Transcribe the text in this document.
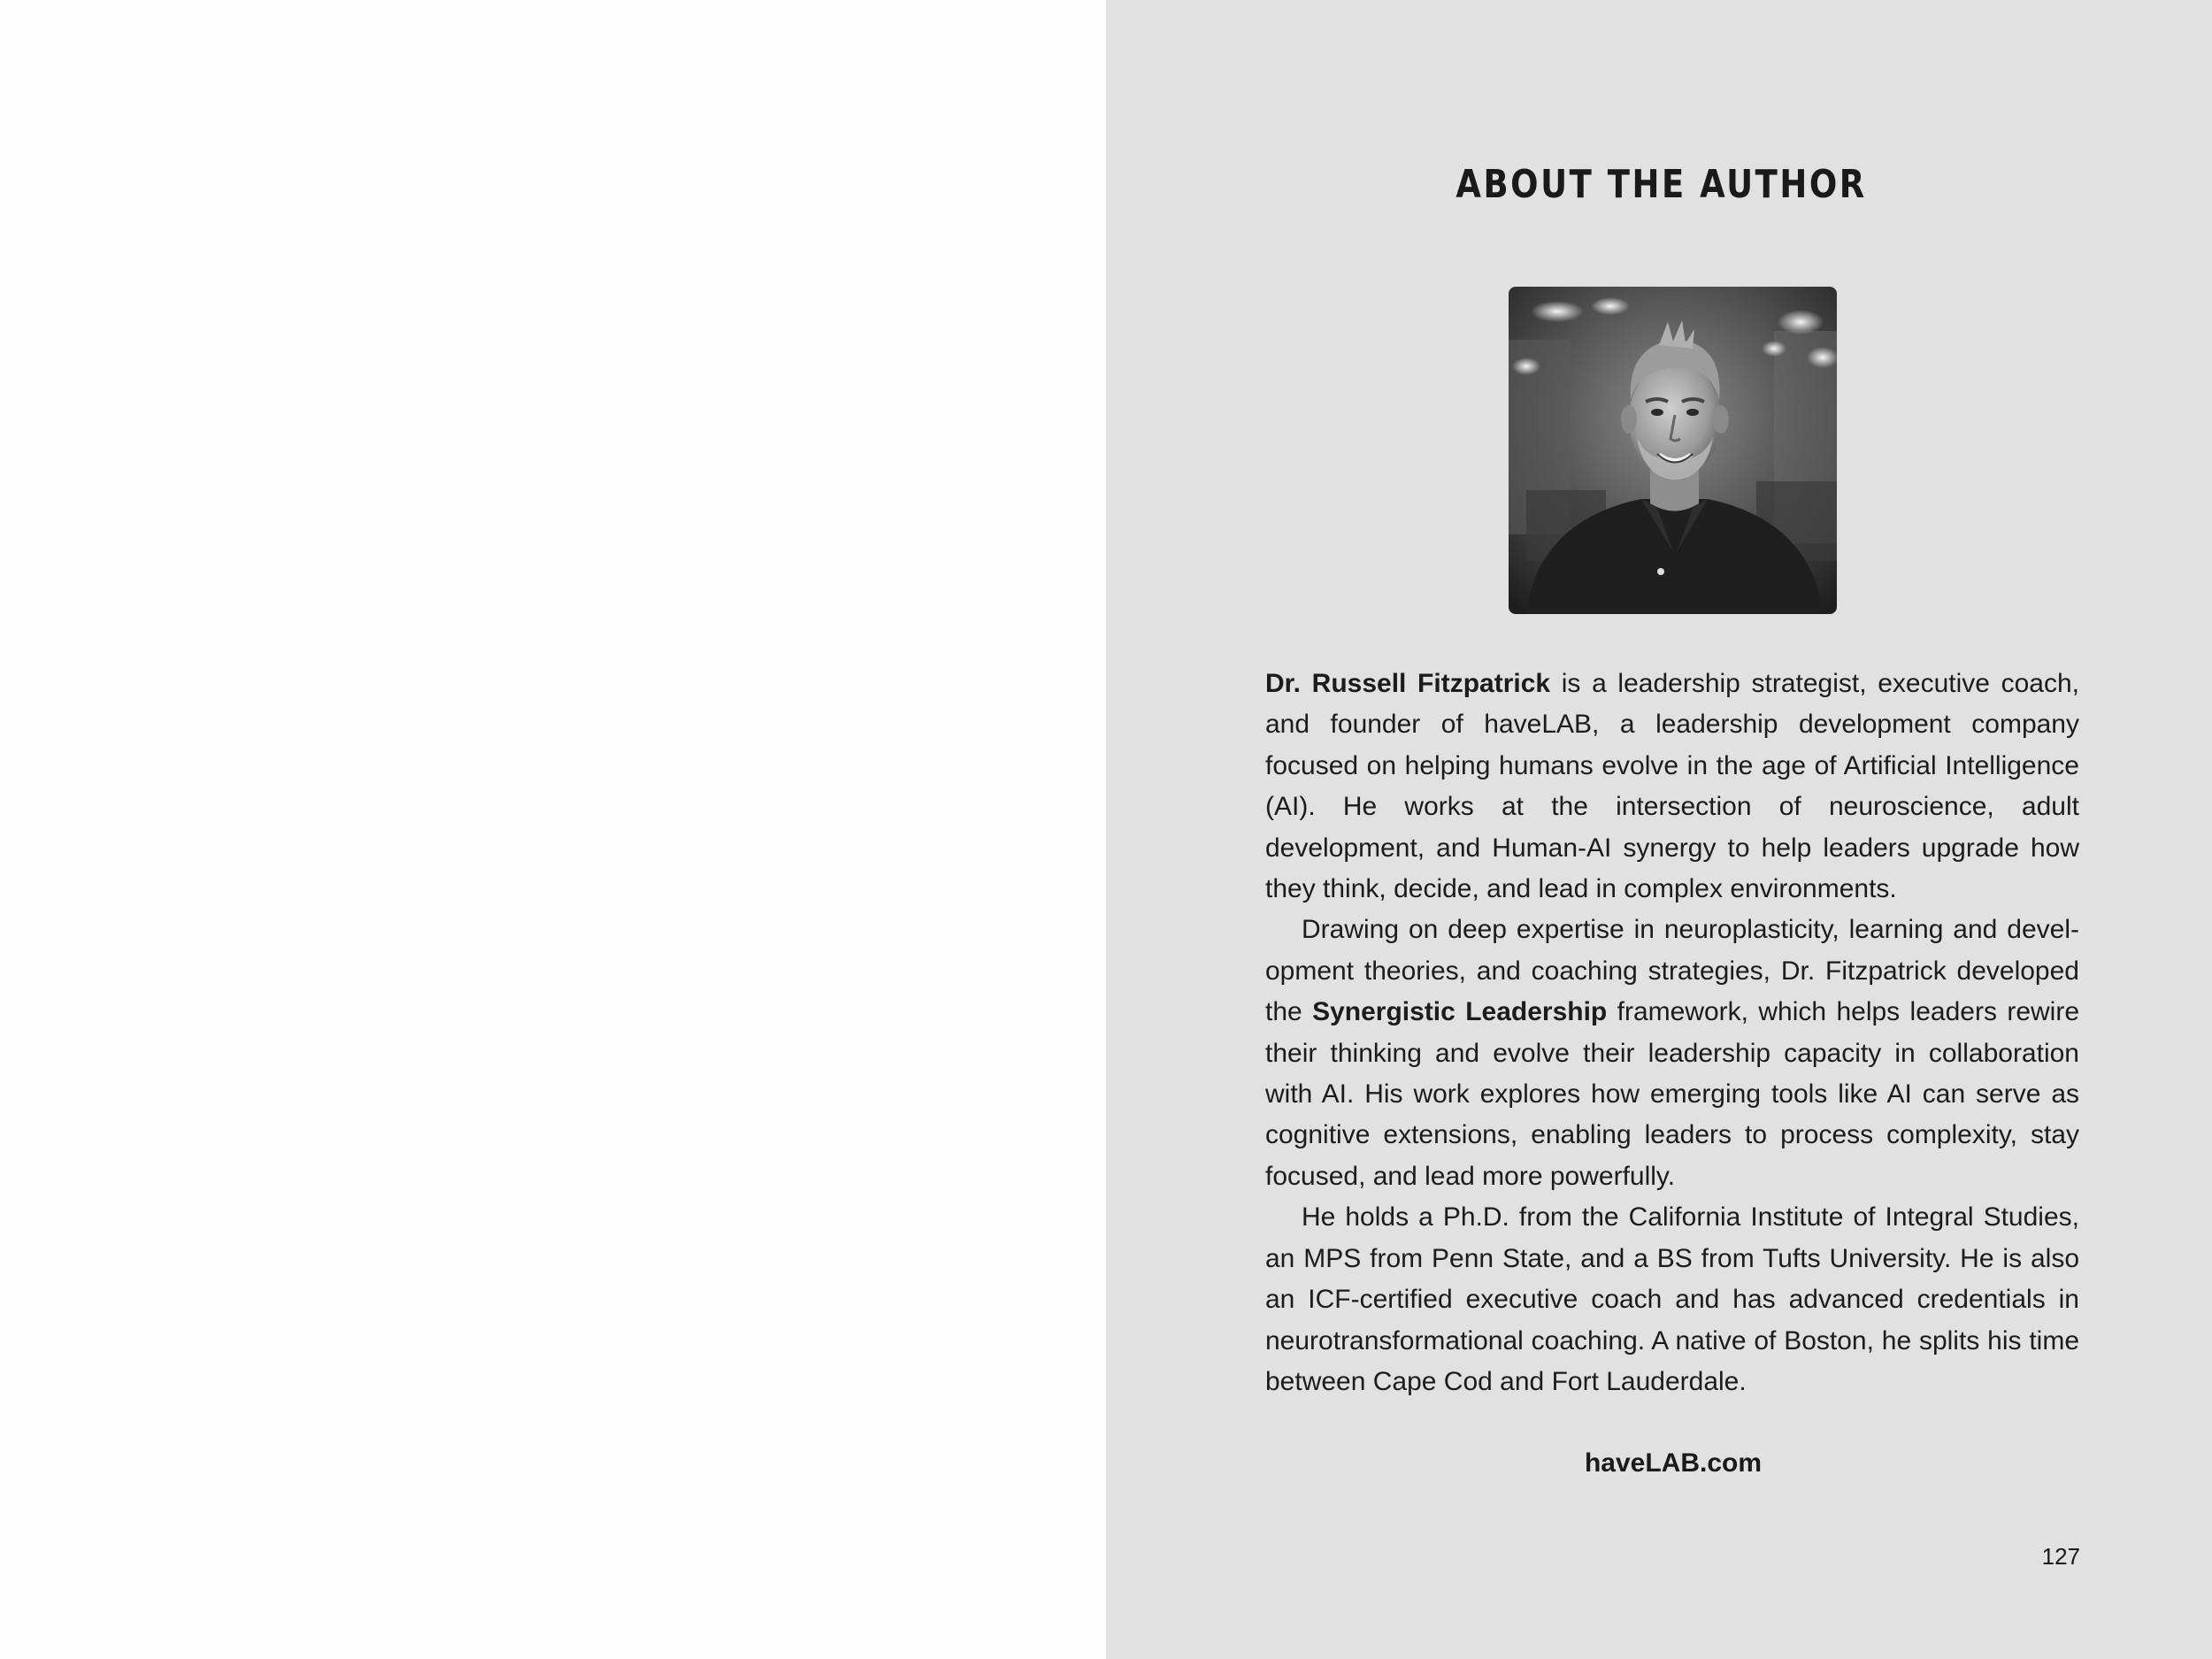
ABOUT THE AUTHOR

Dr. Russell Fitzpatrick is a leadership strategist, executive coach, and founder of haveLAB, a leadership development company focused on helping humans evolve in the age of Artificial Intelligence (AI). He works at the intersection of neuroscience, adult development, and Human-AI synergy to help leaders upgrade how they think, decide, and lead in complex environments.

Drawing on deep expertise in neuroplasticity, learning and development theories, and coaching strategies, Dr. Fitzpatrick developed the Synergistic Leadership framework, which helps leaders rewire their thinking and evolve their leadership capacity in collaboration with AI. His work explores how emerging tools like AI can serve as cognitive extensions, enabling leaders to process complexity, stay focused, and lead more powerfully.

He holds a Ph.D. from the California Institute of Integral Studies, an MPS from Penn State, and a BS from Tufts University. He is also an ICF-certified executive coach and has advanced credentials in neurotransformational coaching. A native of Boston, he splits his time between Cape Cod and Fort Lauderdale.

haveLAB.com
127
